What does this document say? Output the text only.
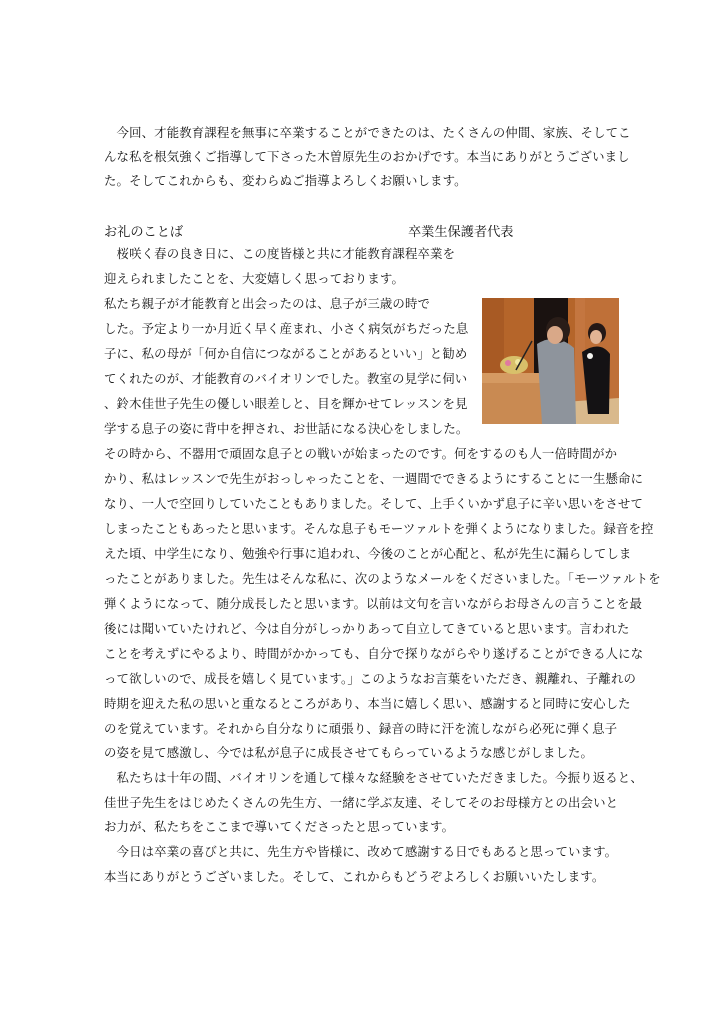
　今回、才能教育課程を無事に卒業することができたのは、たくさんの仲間、家族、そしてこ
んな私を根気強くご指導して下さった木曽原先生のおかげです。本当にありがとうございまし
た。そしてこれからも、変わらぬご指導よろしくお願いします。
お礼のことば	卒業生保護者代表
　桜咲く春の良き日に、この度皆様と共に才能教育課程卒業を
迎えられましたことを、大変嬉しく思っております。
私たち親子が才能教育と出会ったのは、息子が三歳の時で
した。予定より一か月近く早く産まれ、小さく病気がちだった息
子に、私の母が「何か自信につながることがあるといい」と勧め
てくれたのが、才能教育のバイオリンでした。教室の見学に伺い
、鈴木佳世子先生の優しい眼差しと、目を輝かせてレッスンを見
学する息子の姿に背中を押され、お世話になる決心をしました。
その時から、不器用で頑固な息子との戦いが始まったのです。何をするのも人一倍時間がか
かり、私はレッスンで先生がおっしゃったことを、一週間でできるようにすることに一生懸命に
なり、一人で空回りしていたこともありました。そして、上手くいかず息子に辛い思いをさせて
しまったこともあったと思います。そんな息子もモーツァルトを弾くようになりました。録音を控
えた頃、中学生になり、勉強や行事に追われ、今後のことが心配と、私が先生に漏らしてしま
ったことがありました。先生はそんな私に、次のようなメールをくださいました。「モーツァルトを
弾くようになって、随分成長したと思います。以前は文句を言いながらお母さんの言うことを最
後には聞いていたけれど、今は自分がしっかりあって自立してきていると思います。言われた
ことを考えずにやるより、時間がかかっても、自分で探りながらやり遂げることができる人にな
って欲しいので、成長を嬉しく見ています。」このようなお言葉をいただき、親離れ、子離れの
時期を迎えた私の思いと重なるところがあり、本当に嬉しく思い、感謝すると同時に安心した
のを覚えています。それから自分なりに頑張り、録音の時に汗を流しながら必死に弾く息子
の姿を見て感激し、今では私が息子に成長させてもらっているような感じがしました。
　私たちは十年の間、バイオリンを通して様々な経験をさせていただきました。今振り返ると、
佳世子先生をはじめたくさんの先生方、一緒に学ぶ友達、そしてそのお母様方との出会いと
お力が、私たちをここまで導いてくださったと思っています。
　今日は卒業の喜びと共に、先生方や皆様に、改めて感謝する日でもあると思っています。
本当にありがとうございました。そして、これからもどうぞよろしくお願いいたします。
